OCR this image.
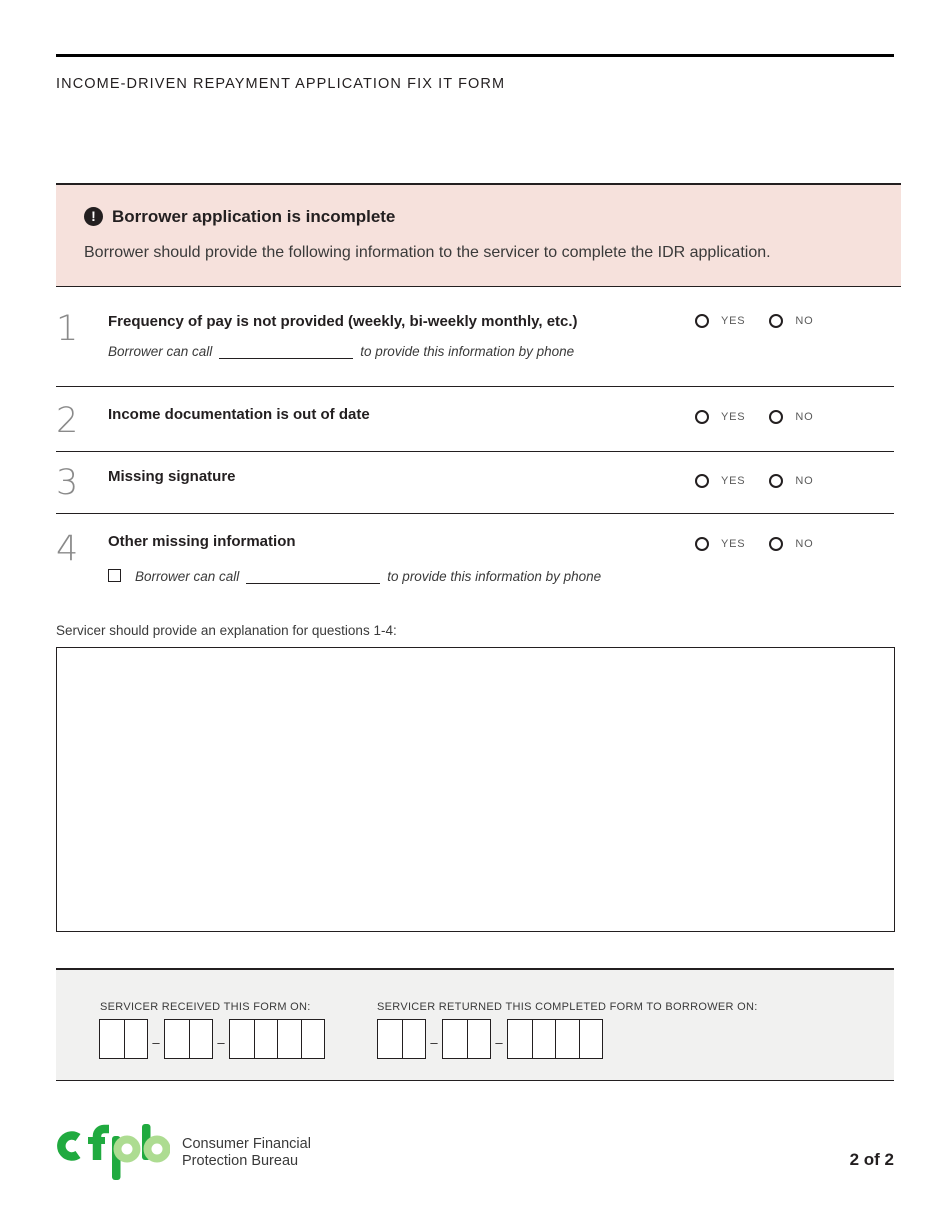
INCOME-DRIVEN REPAYMENT APPLICATION FIX IT FORM
! Borrower application is incomplete
Borrower should provide the following information to the servicer to complete the IDR application.
1 Frequency of pay is not provided (weekly, bi-weekly monthly, etc.)
Borrower can call	to provide this information by phone
YES	NO
2 Income documentation is out of date	YES	NO
3 Missing signature	YES	NO
4 Other missing information
Borrower can call	to provide this information by phone
YES	NO
Servicer should provide an explanation for questions 1-4:
SERVICER RECEIVED THIS FORM ON:
–	–
SERVICER RETURNED THIS COMPLETED FORM TO BORROWER ON:
–	–
Consumer Financial
Protection Bureau	2 of 2
